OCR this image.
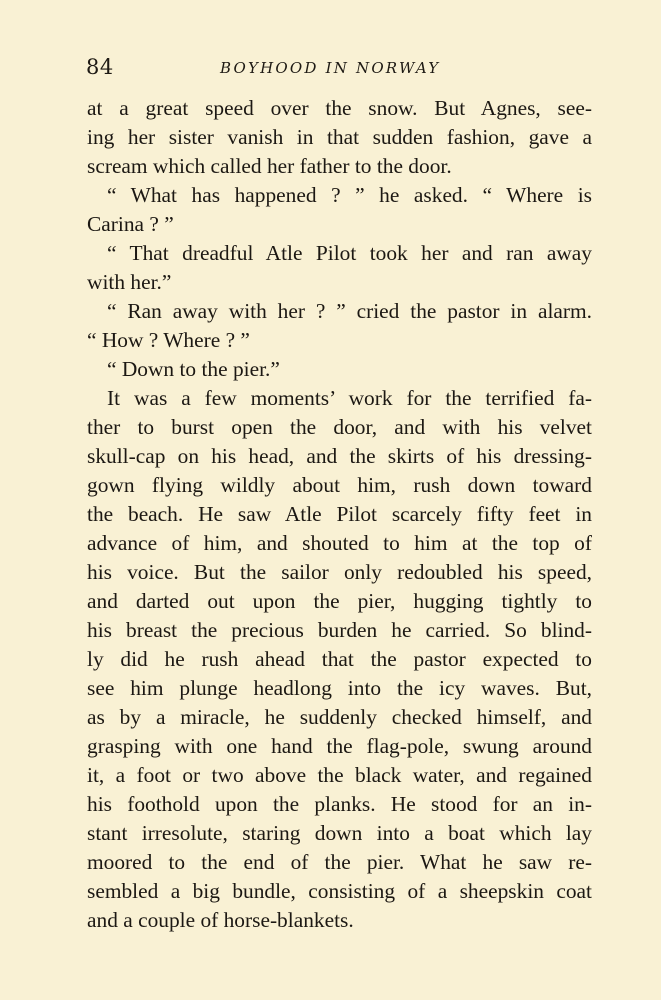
84	BOYHOOD IN NORWAY
at a great speed over the snow. But Agnes, see-
ing her sister vanish in that sudden fashion, gave a
scream which called her father to the door.
“ What has happened ? ” he asked. “ Where is
Carina ? ”
“ That dreadful Atle Pilot took her and ran away
with her.”
“ Ran away with her ? ” cried the pastor in alarm.
“ How ? Where ? ”
“ Down to the pier.”
It was a few moments’ work for the terrified fa-
ther to burst open the door, and with his velvet
skull-cap on his head, and the skirts of his dressing-
gown flying wildly about him, rush down toward
the beach. He saw Atle Pilot scarcely fifty feet in
advance of him, and shouted to him at the top of
his voice. But the sailor only redoubled his speed,
and darted out upon the pier, hugging tightly to
his breast the precious burden he carried. So blind-
ly did he rush ahead that the pastor expected to
see him plunge headlong into the icy waves. But,
as by a miracle, he suddenly checked himself, and
grasping with one hand the flag-pole, swung around
it, a foot or two above the black water, and regained
his foothold upon the planks. He stood for an in-
stant irresolute, staring down into a boat which lay
moored to the end of the pier. What he saw re-
sembled a big bundle, consisting of a sheepskin coat
and a couple of horse-blankets.
